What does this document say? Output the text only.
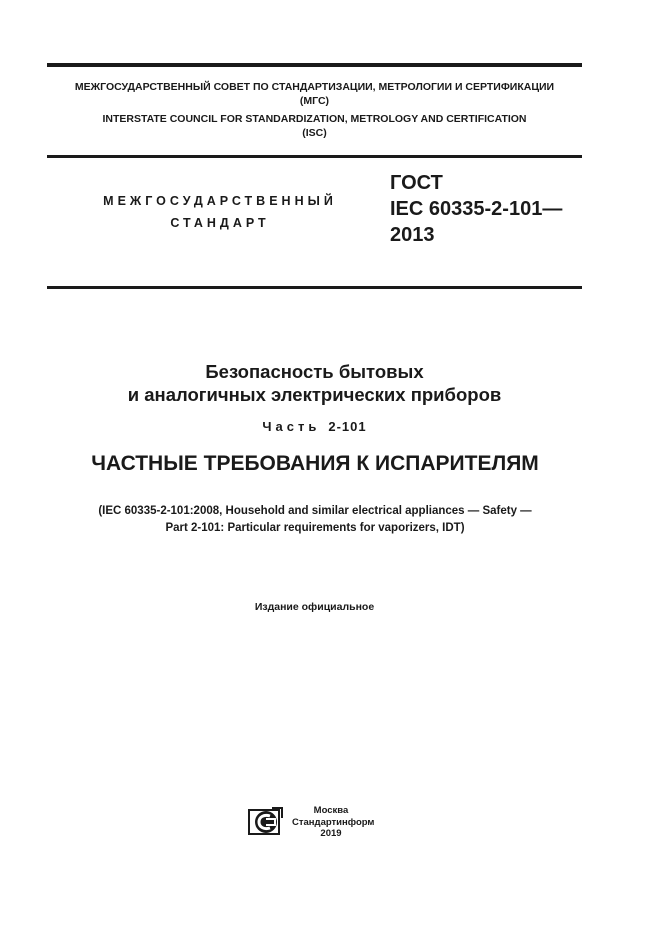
МЕЖГОСУДАРСТВЕННЫЙ СОВЕТ ПО СТАНДАРТИЗАЦИИ, МЕТРОЛОГИИ И СЕРТИФИКАЦИИ
(МГС)
INTERSTATE COUNCIL FOR STANDARDIZATION, METROLOGY AND CERTIFICATION
(ISC)
МЕЖГОСУДАРСТВЕННЫЙ
СТАНДАРТ
ГОСТ
IEC 60335-2-101—
2013
Безопасность бытовых
и аналогичных электрических приборов
Часть 2-101
ЧАСТНЫЕ ТРЕБОВАНИЯ К ИСПАРИТЕЛЯМ
(IEC 60335-2-101:2008, Household and similar electrical appliances — Safety —
Part 2-101: Particular requirements for vaporizers, IDT)
Издание официальное
Москва
Стандартинформ
2019
